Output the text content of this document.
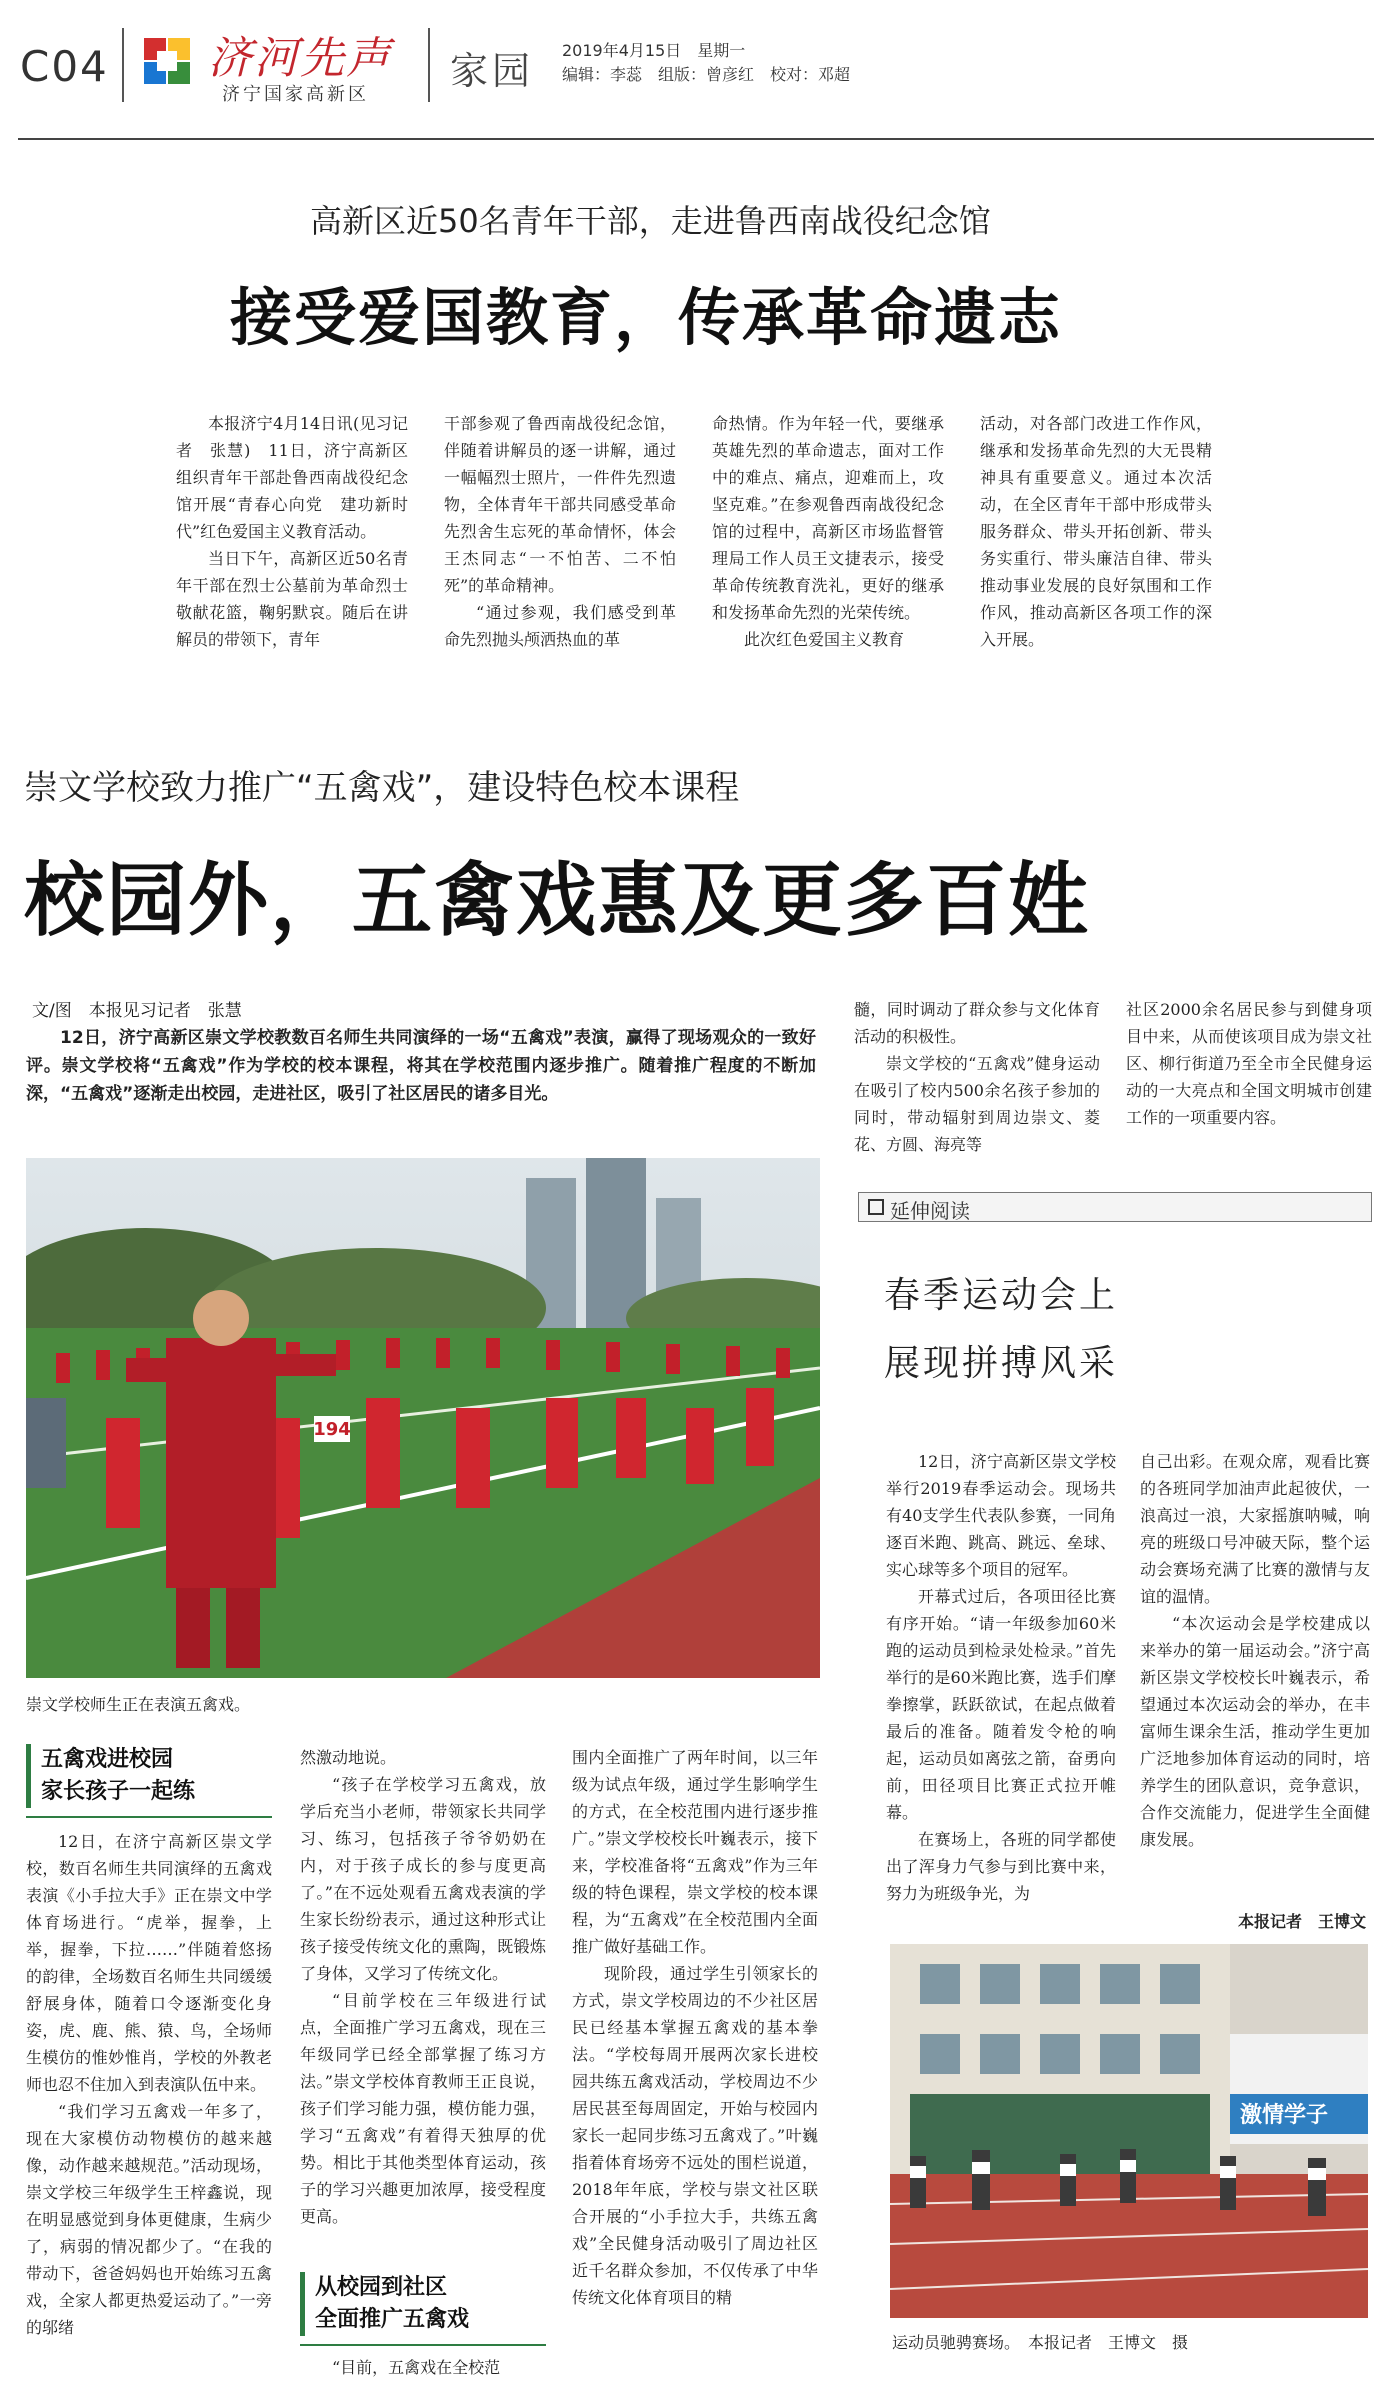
C04 济河先声
济宁国家高新区
家园 2019年4月15日　星期一
编辑：李蕊　组版：曾彦红　校对：邓超
高新区近50名青年干部，走进鲁西南战役纪念馆
接受爱国教育，传承革命遗志

本报济宁4月14日讯(见习记者　张慧)　11日，济宁高新区组织青年干部赴鲁西南战役纪念馆开展“青春心向党　建功新时代”红色爱国主义教育活动。

当日下午，高新区近50名青年干部在烈士公墓前为革命烈士敬献花篮，鞠躬默哀。随后在讲解员的带领下，青年

干部参观了鲁西南战役纪念馆，伴随着讲解员的逐一讲解，通过一幅幅烈士照片，一件件先烈遗物，全体青年干部共同感受革命先烈舍生忘死的革命情怀，体会王杰同志“一不怕苦、二不怕死”的革命精神。

“通过参观，我们感受到革命先烈抛头颅洒热血的革

命热情。作为年轻一代，要继承英雄先烈的革命遗志，面对工作中的难点、痛点，迎难而上，攻坚克难。”在参观鲁西南战役纪念馆的过程中，高新区市场监督管理局工作人员王文捷表示，接受革命传统教育洗礼，更好的继承和发扬革命先烈的光荣传统。

此次红色爱国主义教育

活动，对各部门改进工作作风，继承和发扬革命先烈的大无畏精神具有重要意义。通过本次活动，在全区青年干部中形成带头服务群众、带头开拓创新、带头务实重行、带头廉洁自律、带头推动事业发展的良好氛围和工作作风，推动高新区各项工作的深入开展。

崇文学校致力推广“五禽戏”，建设特色校本课程
校园外，五禽戏惠及更多百姓
文/图　本报见习记者　张慧

12日，济宁高新区崇文学校教数百名师生共同演绎的一场“五禽戏”表演，赢得了现场观众的一致好评。崇文学校将“五禽戏”作为学校的校本课程，将其在学校范围内逐步推广。随着推广程度的不断加深，“五禽戏”逐渐走出校园，走进社区，吸引了社区居民的诸多目光。

髓，同时调动了群众参与文化体育活动的积极性。

崇文学校的“五禽戏”健身运动在吸引了校内500余名孩子参加的同时，带动辐射到周边崇文、菱花、方圆、海亮等

社区2000余名居民参与到健身项目中来，从而使该项目成为崇文社区、柳行街道乃至全市全民健身运动的一大亮点和全国文明城市创建工作的一项重要内容。

194
崇文学校师生正在表演五禽戏。
五禽戏进校园
家长孩子一起练

12日，在济宁高新区崇文学校，数百名师生共同演绎的五禽戏表演《小手拉大手》正在崇文中学体育场进行。“虎举，握拳，上举，握拳，下拉……”伴随着悠扬的韵律，全场数百名师生共同缓缓舒展身体，随着口令逐渐变化身姿，虎、鹿、熊、猿、鸟，全场师生模仿的惟妙惟肖，学校的外教老师也忍不住加入到表演队伍中来。

“我们学习五禽戏一年多了，现在大家模仿动物模仿的越来越像，动作越来越规范。”活动现场，崇文学校三年级学生王梓鑫说，现在明显感觉到身体更健康，生病少了，病弱的情况都少了。“在我的带动下，爸爸妈妈也开始练习五禽戏，全家人都更热爱运动了。”一旁的邬绪

然激动地说。

“孩子在学校学习五禽戏，放学后充当小老师，带领家长共同学习、练习，包括孩子爷爷奶奶在内，对于孩子成长的参与度更高了。”在不远处观看五禽戏表演的学生家长纷纷表示，通过这种形式让孩子接受传统文化的熏陶，既锻炼了身体，又学习了传统文化。

“目前学校在三年级进行试点，全面推广学习五禽戏，现在三年级同学已经全部掌握了练习方法。”崇文学校体育教师王正良说，孩子们学习能力强，模仿能力强，学习“五禽戏”有着得天独厚的优势。相比于其他类型体育运动，孩子的学习兴趣更加浓厚，接受程度更高。

从校园到社区
全面推广五禽戏

“目前，五禽戏在全校范

围内全面推广了两年时间，以三年级为试点年级，通过学生影响学生的方式，在全校范围内进行逐步推广。”崇文学校校长叶巍表示，接下来，学校准备将“五禽戏”作为三年级的特色课程，崇文学校的校本课程，为“五禽戏”在全校范围内全面推广做好基础工作。

现阶段，通过学生引领家长的方式，崇文学校周边的不少社区居民已经基本掌握五禽戏的基本拳法。“学校每周开展两次家长进校园共练五禽戏活动，学校周边不少居民甚至每周固定，开始与校园内家长一起同步练习五禽戏了。”叶巍指着体育场旁不远处的围栏说道，2018年年底，学校与崇文社区联合开展的“小手拉大手，共练五禽戏”全民健身活动吸引了周边社区近千名群众参加，不仅传承了中华传统文化体育项目的精

延伸阅读
春季运动会上
展现拼搏风采

12日，济宁高新区崇文学校举行2019春季运动会。现场共有40支学生代表队参赛，一同角逐百米跑、跳高、跳远、垒球、实心球等多个项目的冠军。

开幕式过后，各项田径比赛有序开始。“请一年级参加60米跑的运动员到检录处检录。”首先举行的是60米跑比赛，选手们摩拳擦掌，跃跃欲试，在起点做着最后的准备。随着发令枪的响起，运动员如离弦之箭，奋勇向前，田径项目比赛正式拉开帷幕。

在赛场上，各班的同学都使出了浑身力气参与到比赛中来，努力为班级争光，为

自己出彩。在观众席，观看比赛的各班同学加油声此起彼伏，一浪高过一浪，大家摇旗呐喊，响亮的班级口号冲破天际，整个运动会赛场充满了比赛的激情与友谊的温情。

“本次运动会是学校建成以来举办的第一届运动会。”济宁高新区崇文学校校长叶巍表示，希望通过本次运动会的举办，在丰富师生课余生活，推动学生更加广泛地参加体育运动的同时，培养学生的团队意识，竞争意识，合作交流能力，促进学生全面健康发展。

本报记者　王博文
激情学子
运动员驰骋赛场。　本报记者　王博文　摄
